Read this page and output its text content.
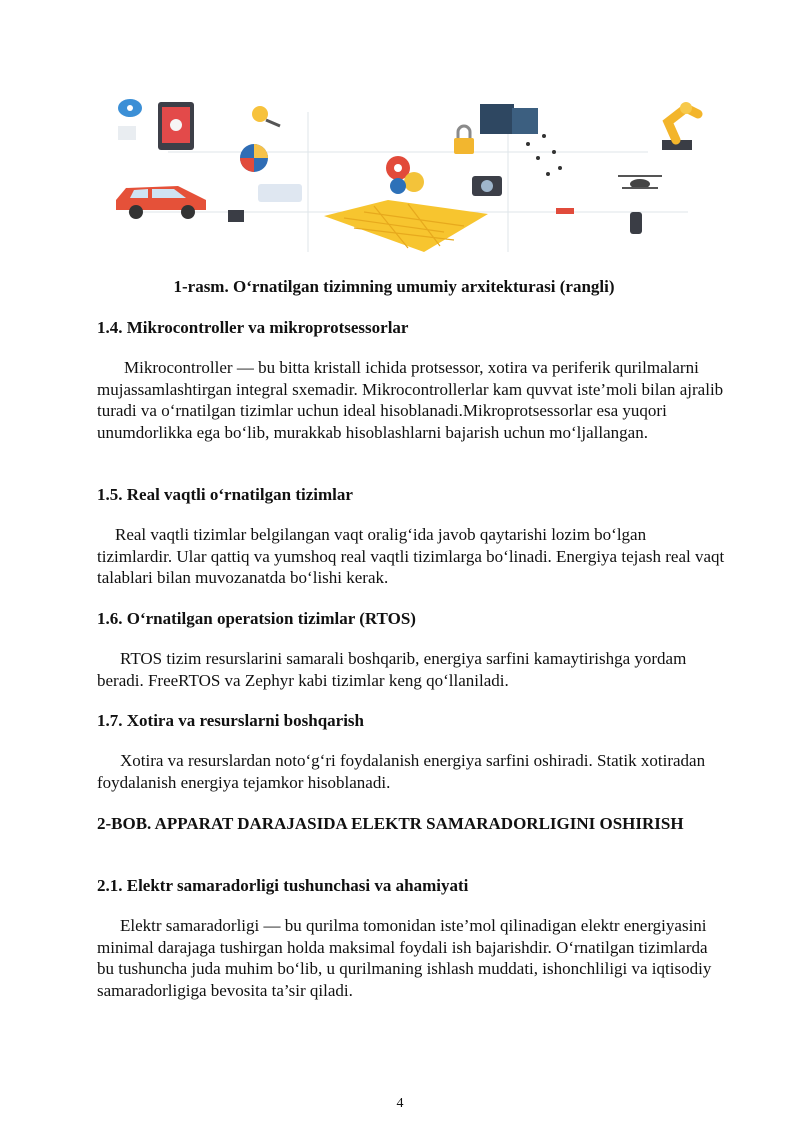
1-rasm. O‘rnatilgan tizimning umumiy arxitekturasi (rangli)
1.4. Mikrocontroller va mikroprotsessorlar
Mikrocontroller — bu bitta kristall ichida protsessor, xotira va periferik qurilmalarni mujassamlashtirgan integral sxemadir. Mikrocontrollerlar kam quvvat iste’moli bilan ajralib turadi va o‘rnatilgan tizimlar uchun ideal hisoblanadi.Mikroprotsessorlar esa yuqori unumdorlikka ega bo‘lib, murakkab hisoblashlarni bajarish uchun mo‘ljallangan.
1.5. Real vaqtli o‘rnatilgan tizimlar
Real vaqtli tizimlar belgilangan vaqt oralig‘ida javob qaytarishi lozim bo‘lgan tizimlardir. Ular qattiq va yumshoq real vaqtli tizimlarga bo‘linadi. Energiya tejash real vaqt talablari bilan muvozanatda bo‘lishi kerak.
1.6. O‘rnatilgan operatsion tizimlar (RTOS)
RTOS tizim resurslarini samarali boshqarib, energiya sarfini kamaytirishga yordam beradi. FreeRTOS va Zephyr kabi tizimlar keng qo‘llaniladi.
1.7. Xotira va resurslarni boshqarish
Xotira va resurslardan noto‘g‘ri foydalanish energiya sarfini oshiradi. Statik xotiradan foydalanish energiya tejamkor hisoblanadi.
2-BOB. APPARAT DARAJASIDA ELEKTR SAMARADORLIGINI OSHIRISH
2.1. Elektr samaradorligi tushunchasi va ahamiyati
Elektr samaradorligi — bu qurilma tomonidan iste’mol qilinadigan elektr energiyasini minimal darajaga tushirgan holda maksimal foydali ish bajarishdir. O‘rnatilgan tizimlarda bu tushuncha juda muhim bo‘lib, u qurilmaning ishlash muddati, ishonchliligi va iqtisodiy samaradorligiga bevosita ta’sir qiladi.
4
